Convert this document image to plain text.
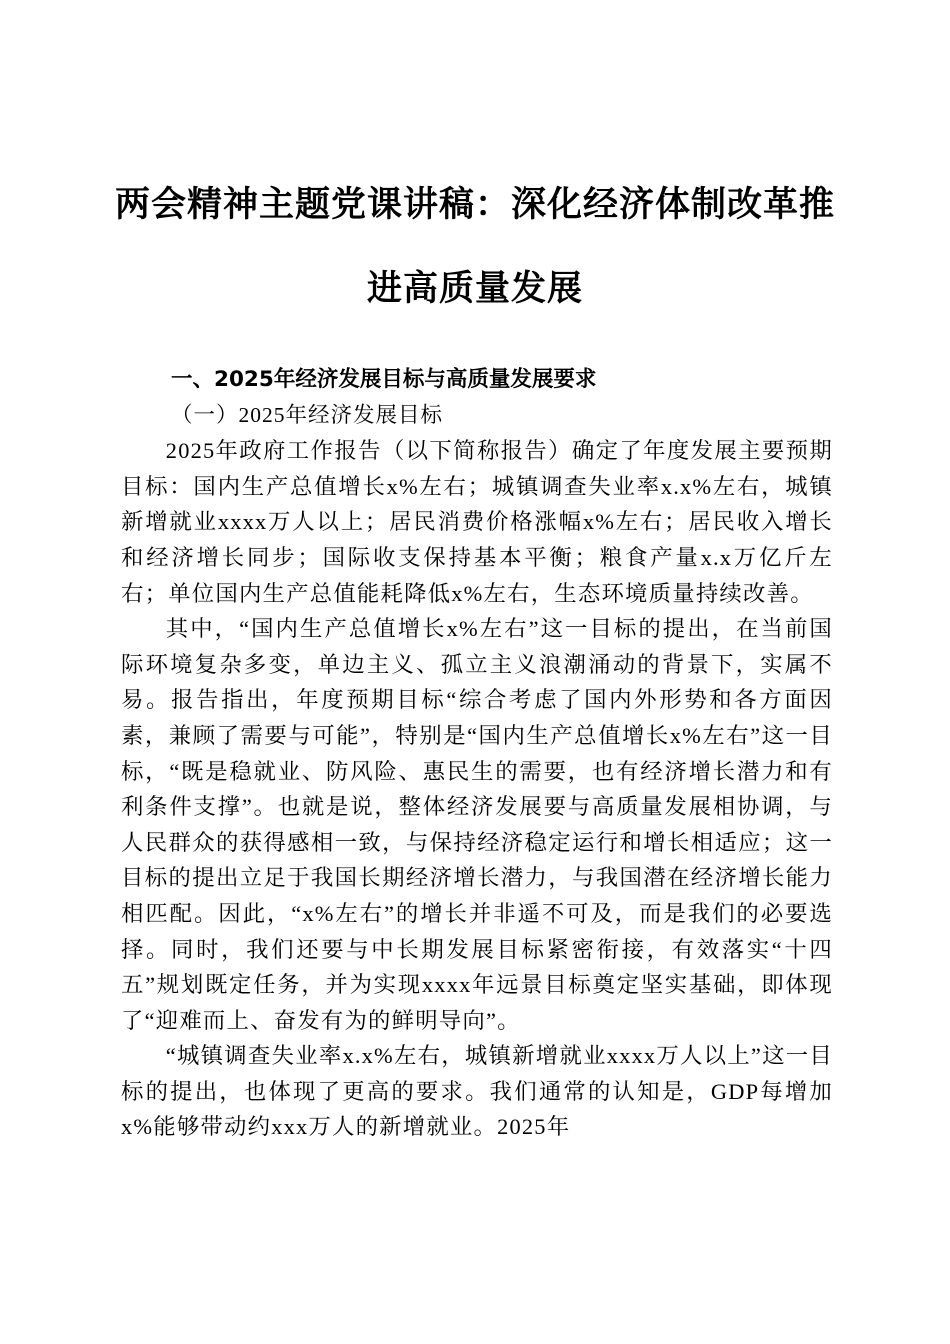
两会精神主题党课讲稿：深化经济体制改革推
进高质量发展

一、2025年经济发展目标与高质量发展要求

（一）2025年经济发展目标

2025年政府工作报告（以下简称报告）确定了年度发展主要预期目标：国内生产总值增长x%左右；城镇调查失业率x.x%左右，城镇新增就业xxxx万人以上；居民消费价格涨幅x%左右；居民收入增长和经济增长同步；国际收支保持基本平衡；粮食产量x.x万亿斤左右；单位国内生产总值能耗降低x%左右，生态环境质量持续改善。

其中，“国内生产总值增长x%左右”这一目标的提出，在当前国际环境复杂多变，单边主义、孤立主义浪潮涌动的背景下，实属不易。报告指出，年度预期目标“综合考虑了国内外形势和各方面因素，兼顾了需要与可能”，特别是“国内生产总值增长x%左右”这一目标，“既是稳就业、防风险、惠民生的需要，也有经济增长潜力和有利条件支撑”。也就是说，整体经济发展要与高质量发展相协调，与人民群众的获得感相一致，与保持经济稳定运行和增长相适应；这一目标的提出立足于我国长期经济增长潜力，与我国潜在经济增长能力相匹配。因此，“x%左右”的增长并非遥不可及，而是我们的必要选择。同时，我们还要与中长期发展目标紧密衔接，有效落实“十四五”规划既定任务，并为实现xxxx年远景目标奠定坚实基础，即体现了“迎难而上、奋发有为的鲜明导向”。

“城镇调查失业率x.x%左右，城镇新增就业xxxx万人以上”这一目标的提出，也体现了更高的要求。我们通常的认知是，GDP每增加x%能够带动约xxx万人的新增就业。2025年
